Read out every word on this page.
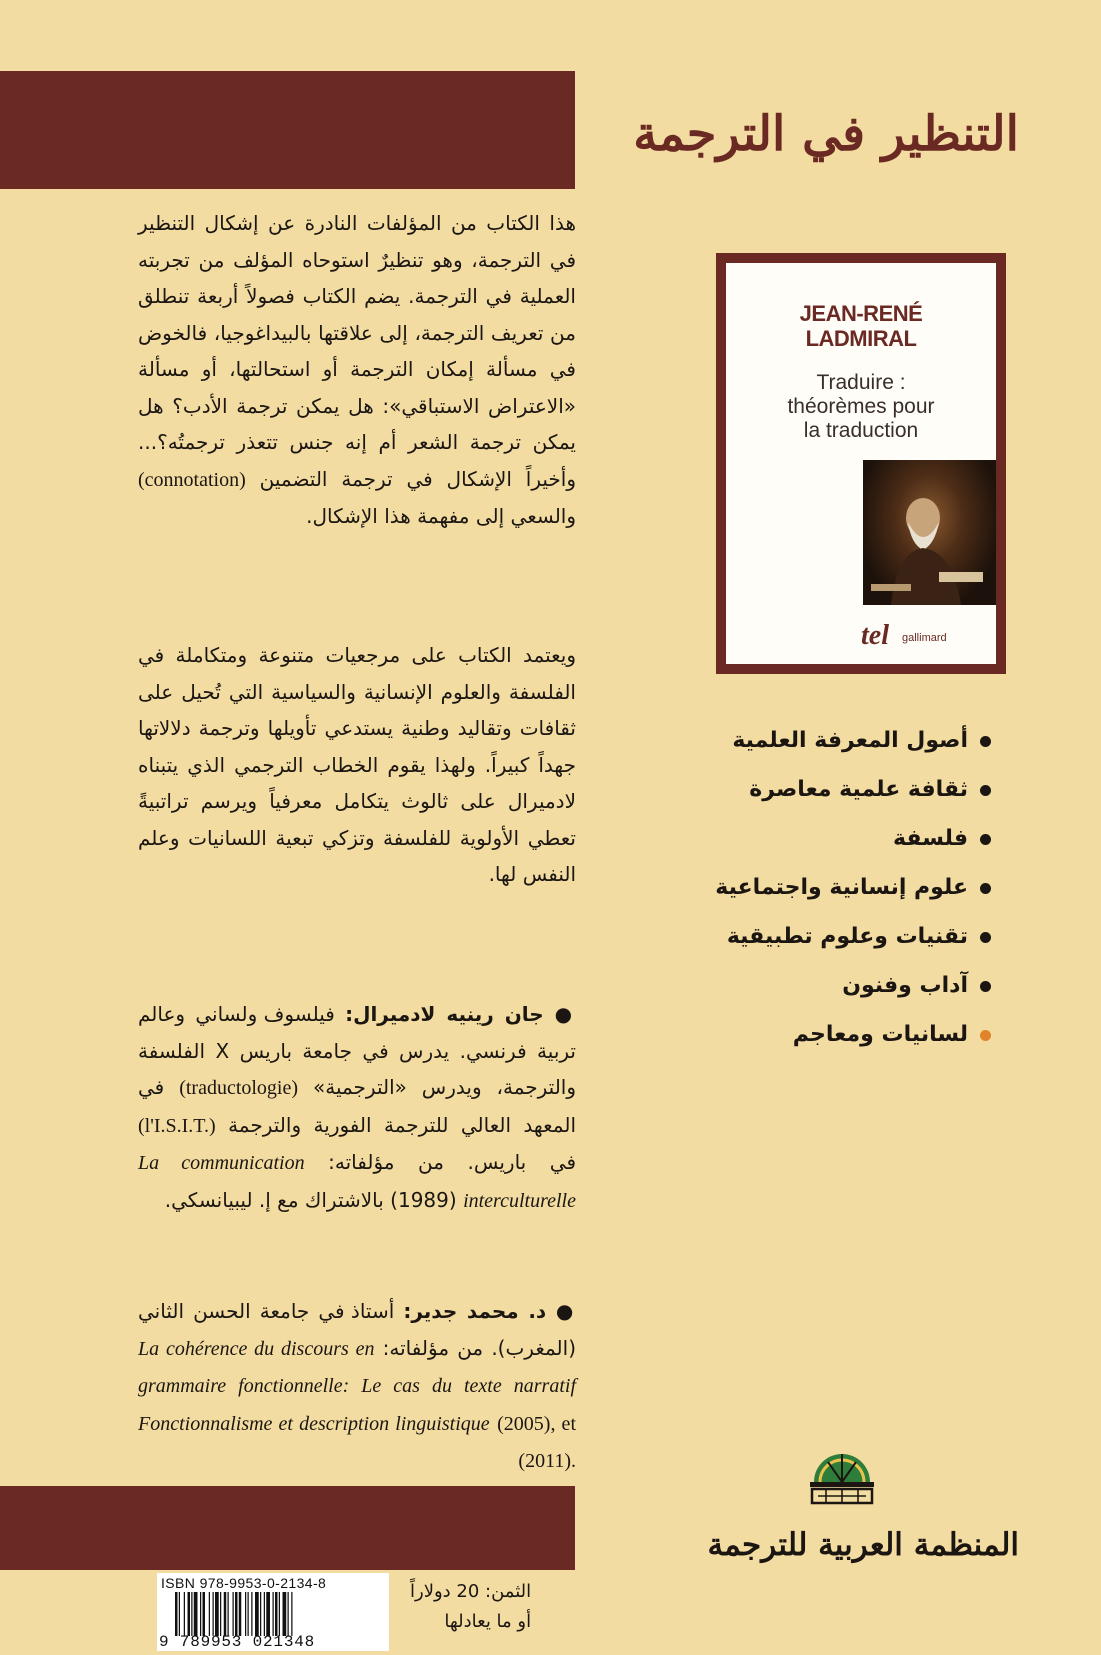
التنظير في الترجمة

هذا الكتاب من المؤلفات النادرة عن إشكال التنظير في الترجمة، وهو تنظيرٌ استوحاه المؤلف من تجربته العملية في الترجمة. يضم الكتاب فصولاً أربعة تنطلق من تعريف الترجمة، إلى علاقتها بالبيداغوجيا، فالخوض في مسألة إمكان الترجمة أو استحالتها، أو مسألة «الاعتراض الاستباقي»: هل يمكن ترجمة الأدب؟ هل يمكن ترجمة الشعر أم إنه جنس تتعذر ترجمتُه؟... وأخيراً الإشكال في ترجمة التضمين (connotation) والسعي إلى مفهمة هذا الإشكال.

ويعتمد الكتاب على مرجعيات متنوعة ومتكاملة في الفلسفة والعلوم الإنسانية والسياسية التي تُحيل على ثقافات وتقاليد وطنية يستدعي تأويلها وترجمة دلالاتها جهداً كبيراً. ولهذا يقوم الخطاب الترجمي الذي يتبناه لادميرال على ثالوث يتكامل معرفياً ويرسم تراتبيةً تعطي الأولوية للفلسفة وتزكي تبعية اللسانيات وعلم النفس لها.

● جان رينيه لادميرال: فيلسوف ولساني وعالم تربية فرنسي. يدرس في جامعة باريس X الفلسفة والترجمة، ويدرس «الترجمية» (traductologie) في المعهد العالي للترجمة الفورية والترجمة (l'I.S.I.T.) في باريس. من مؤلفاته: La communication interculturelle (1989) بالاشتراك مع إ. ليبيانسكي.

● د. محمد جدير: أستاذ في جامعة الحسن الثاني (المغرب). من مؤلفاته: La cohérence du discours en grammaire fonctionnelle: Le cas du texte narratif (2005), et Fonctionnalisme et description linguistique (2011).

JEAN-RENÉ
LADMIRAL
Traduire :
théorèmes pour
la traduction
tel gallimard
أصول المعرفة العلمية
ثقافة علمية معاصرة
فلسفة
علوم إنسانية واجتماعية
تقنيات وعلوم تطبيقية
آداب وفنون
لسانيات ومعاجم
المنظمة العربية للترجمة
ISBN 978-9953-0-2134-8
9 789953 021348

الثمن: 20 دولاراً
أو ما يعادلها
